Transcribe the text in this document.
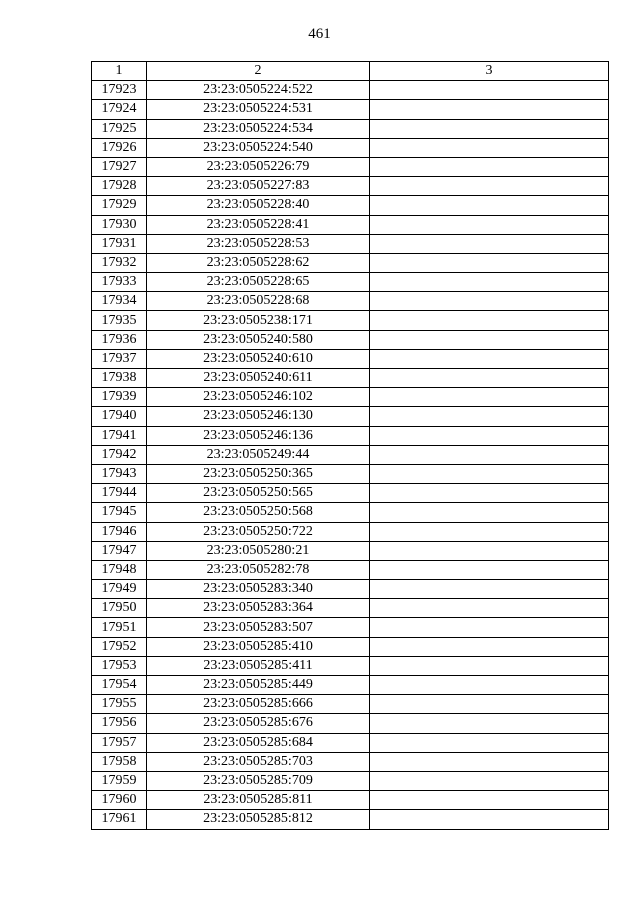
461
1	2	3
17923	23:23:0505224:522	
17924	23:23:0505224:531	
17925	23:23:0505224:534	
17926	23:23:0505224:540	
17927	23:23:0505226:79	
17928	23:23:0505227:83	
17929	23:23:0505228:40	
17930	23:23:0505228:41	
17931	23:23:0505228:53	
17932	23:23:0505228:62	
17933	23:23:0505228:65	
17934	23:23:0505228:68	
17935	23:23:0505238:171	
17936	23:23:0505240:580	
17937	23:23:0505240:610	
17938	23:23:0505240:611	
17939	23:23:0505246:102	
17940	23:23:0505246:130	
17941	23:23:0505246:136	
17942	23:23:0505249:44	
17943	23:23:0505250:365	
17944	23:23:0505250:565	
17945	23:23:0505250:568	
17946	23:23:0505250:722	
17947	23:23:0505280:21	
17948	23:23:0505282:78	
17949	23:23:0505283:340	
17950	23:23:0505283:364	
17951	23:23:0505283:507	
17952	23:23:0505285:410	
17953	23:23:0505285:411	
17954	23:23:0505285:449	
17955	23:23:0505285:666	
17956	23:23:0505285:676	
17957	23:23:0505285:684	
17958	23:23:0505285:703	
17959	23:23:0505285:709	
17960	23:23:0505285:811	
17961	23:23:0505285:812	
